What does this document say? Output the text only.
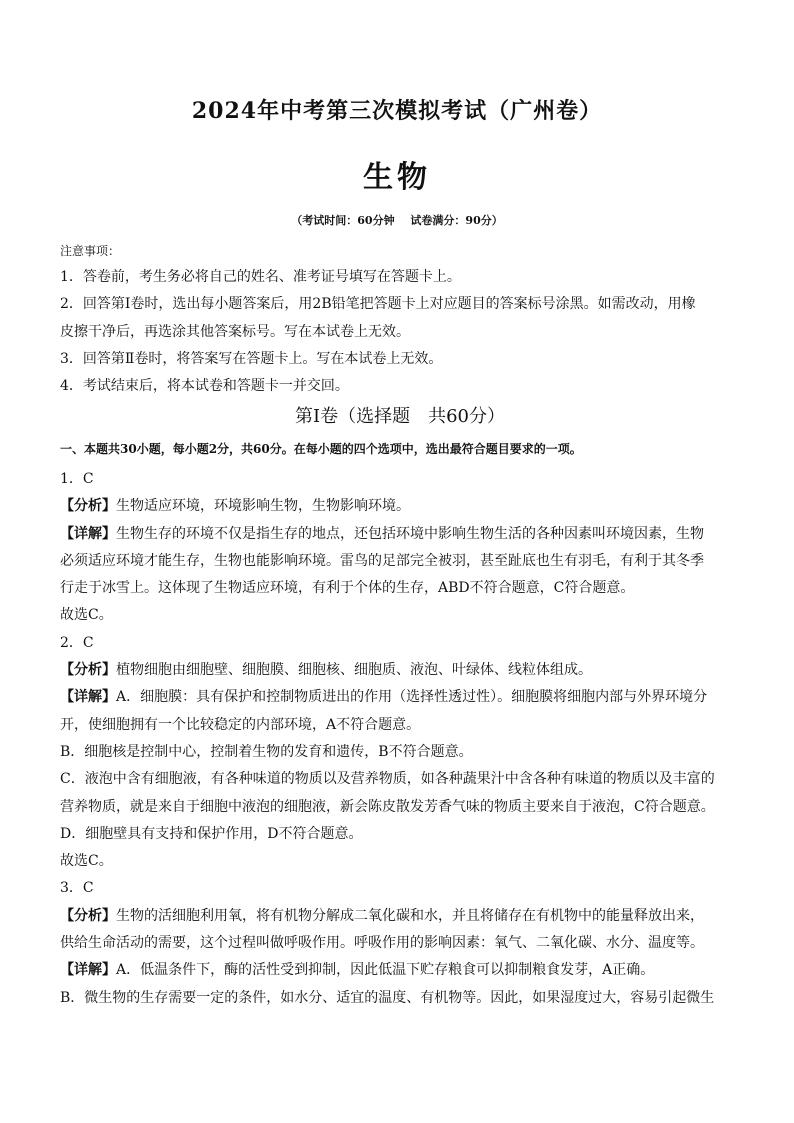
2024年中考第三次模拟考试（广州卷）
生物
（考试时间：60分钟 试卷满分：90分）
注意事项：
1．答卷前，考生务必将自己的姓名、准考证号填写在答题卡上。
2．回答第Ⅰ卷时，选出每小题答案后，用2B铅笔把答题卡上对应题目的答案标号涂黑。如需改动，用橡
皮擦干净后，再选涂其他答案标号。写在本试卷上无效。
3．回答第Ⅱ卷时，将答案写在答题卡上。写在本试卷上无效。
4．考试结束后，将本试卷和答题卡一并交回。
第Ⅰ卷（选择题　共60分）
一、本题共30小题，每小题2分，共60分。在每小题的四个选项中，选出最符合题目要求的一项。
1．C
【分析】生物适应环境，环境影响生物，生物影响环境。
【详解】生物生存的环境不仅是指生存的地点，还包括环境中影响生物生活的各种因素叫环境因素，生物
必须适应环境才能生存，生物也能影响环境。雷鸟的足部完全被羽，甚至趾底也生有羽毛，有利于其冬季
行走于冰雪上。这体现了生物适应环境，有利于个体的生存，ABD不符合题意，C符合题意。
故选C。
2．C
【分析】植物细胞由细胞壁、细胞膜、细胞核、细胞质、液泡、叶绿体、线粒体组成。
【详解】A．细胞膜：具有保护和控制物质进出的作用（选择性透过性）。细胞膜将细胞内部与外界环境分
开，使细胞拥有一个比较稳定的内部环境，A不符合题意。
B．细胞核是控制中心，控制着生物的发育和遗传，B不符合题意。
C．液泡中含有细胞液，有各种味道的物质以及营养物质，如各种蔬果汁中含各种有味道的物质以及丰富的
营养物质，就是来自于细胞中液泡的细胞液，新会陈皮散发芳香气味的物质主要来自于液泡，C符合题意。
D．细胞壁具有支持和保护作用，D不符合题意。
故选C。
3．C
【分析】生物的活细胞利用氧，将有机物分解成二氧化碳和水，并且将储存在有机物中的能量释放出来，
供给生命活动的需要，这个过程叫做呼吸作用。呼吸作用的影响因素：氧气、二氧化碳、水分、温度等。
【详解】A．低温条件下，酶的活性受到抑制，因此低温下贮存粮食可以抑制粮食发芽，A正确。
B．微生物的生存需要一定的条件，如水分、适宜的温度、有机物等。因此，如果湿度过大，容易引起微生
